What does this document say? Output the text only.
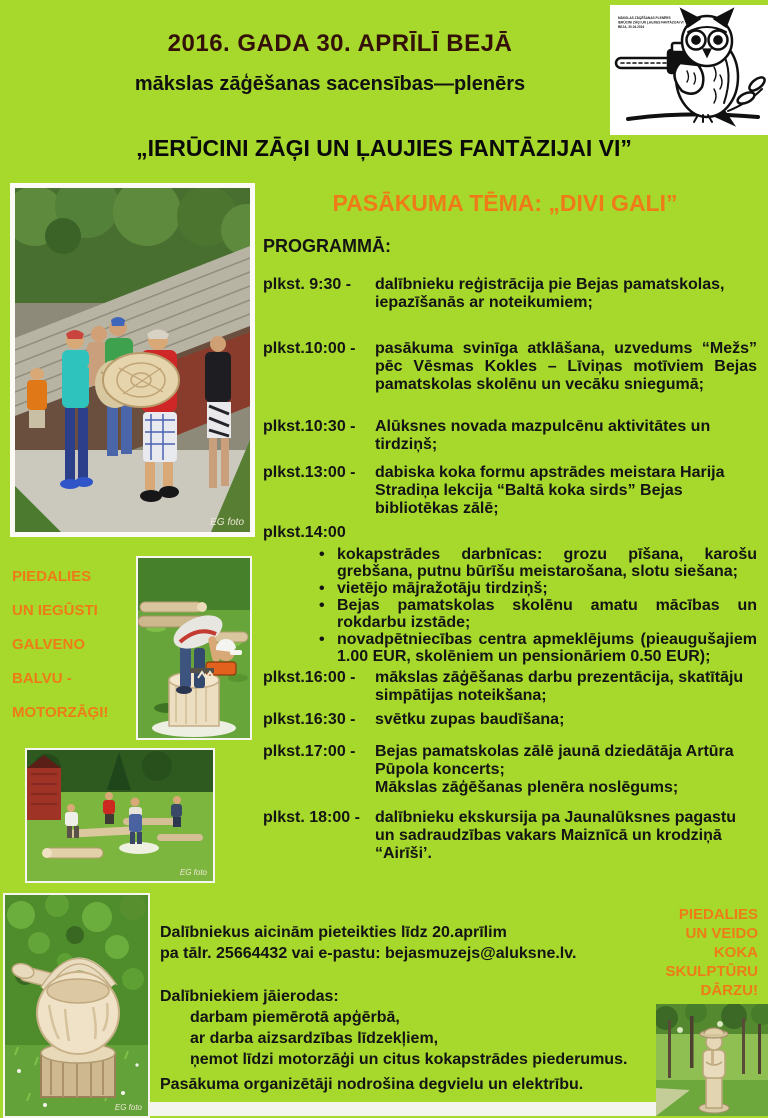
2016. GADA 30. APRĪLĪ BEJĀ
mākslas zāģēšanas sacensības—plenērs
„IERŪCINI ZĀĢI UN ĻAUJIES FANTĀZIJAI VI”
PASĀKUMA TĒMA: „DIVI GALI”
MĀKSLAS ZĀĢĒŠANAS PLENĒRS
IERŪCINI ZĀĢI UN ĻAUJIES FANTĀZIJAI VI
BEJA, 30.04.2016
PROGRAMMĀ:
plkst. 9:30 -	dalībnieku reģistrācija pie Bejas pamatskolas, iepazīšanās ar noteikumiem;
plkst.10:00 -	pasākuma svinīga atklāšana, uzvedums “Mežs” pēc Vēsmas Kokles – Līviņas motīviem Bejas pamatskolas skolēnu un vecāku sniegumā;
plkst.10:30 -	Alūksnes novada mazpulcēnu aktivitātes un tirdziņš;
plkst.13:00 -	dabiska koka formu apstrādes meistara Harija Stradiņa lekcija “Baltā koka sirds” Bejas bibliotēkas zālē;
plkst.14:00
• kokapstrādes darbnīcas: grozu pīšana, karošu grebšana, putnu būrīšu meistarošana, slotu siešana;
• vietējo mājražotāju tirdziņš;
• Bejas pamatskolas skolēnu amatu mācības un rokdarbu izstāde;
• novadpētniecības centra apmeklējums (pieaugušajiem 1.00 EUR, skolēniem un pensionāriem 0.50 EUR);
plkst.16:00 -	mākslas zāģēšanas darbu prezentācija, skatītāju simpātijas noteikšana;
plkst.16:30 -	svētku zupas baudīšana;
plkst.17:00 -	Bejas pamatskolas zālē jaunā dziedātāja Artūra Pūpola koncerts;
Mākslas zāģēšanas plenēra noslēgums;
plkst. 18:00 - dalībnieku ekskursija pa Jaunalūksnes pagastu un sadraudzības vakars Maiznīcā un krodziņā “Airīši’.
PIEDALIES
UN IEGŪSTI
GALVENO
BALVU -
MOTORZĀĢI!
PIEDALIES
UN VEIDO
KOKA
SKULPTŪRU
DĀRZU!
Dalībniekus aicinām pieteikties līdz 20.aprīlim
pa tālr. 25664432 vai e-pastu: bejasmuzejs@aluksne.lv.
Dalībniekiem jāierodas:
darbam piemērotā apģērbā,
ar darba aizsardzības līdzekļiem,
ņemot līdzi motorzāģi un citus kokapstrādes piederumus.
Pasākuma organizētāji nodrošina degvielu un elektrību.
EG foto
EG foto
EG foto
